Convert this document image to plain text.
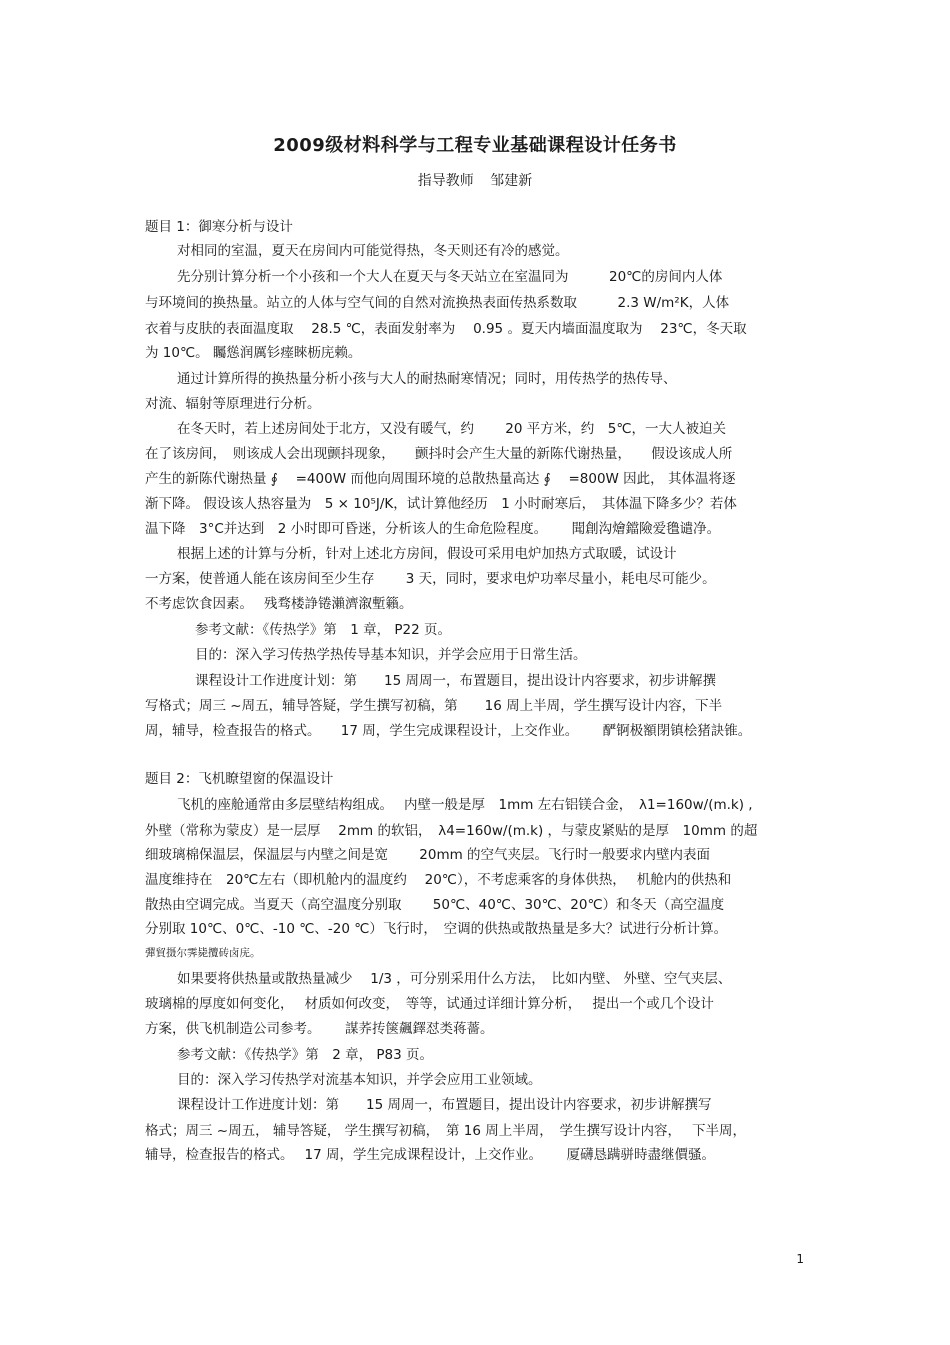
2009级材料科学与工程专业基础课程设计任务书
指导教师 邹建新
题目 1：御寒分析与设计
对相同的室温，夏天在房间内可能觉得热，冬天则还有冷的感觉。
先分别计算分析一个小孩和一个大人在夏天与冬天站立在室温同为　　　20℃的房间内人体
与环境间的换热量。站立的人体与空气间的自然对流换热表面传热系数取　　　2.3 W/m²K，人体
衣着与皮肤的表面温度取　 28.5 ℃，表面发射率为　 0.95 。夏天内墙面温度取为　 23℃，冬天取
为 10℃。 矚慫润厲钐瘗睞枥庑赖。
通过计算所得的换热量分析小孩与大人的耐热耐寒情况；同时，用传热学的热传导、
对流、辐射等原理进行分析。
在冬天时，若上述房间处于北方，又没有暖气，约　　 20 平方米，约　5℃，一大人被迫关
在了该房间，　则该成人会出现颤抖现象，　　颤抖时会产生大量的新陈代谢热量，　　假设该成人所
产生的新陈代谢热量 ∮　 =400W 而他向周围环境的总散热量高达 ∮　 =800W 因此， 其体温将逐
渐下降。 假设该人热容量为　5 × 10⁵J/K，试计算他经历　1 小时耐寒后，　其体温下降多少？若体
温下降　3°C并达到　2 小时即可昏迷，分析该人的生命危险程度。　　 聞創沟燴鐺險爱氇谴净。
根据上述的计算与分析，针对上述北方房间，假设可采用电炉加热方式取暖，试设计
一方案，使普通人能在该房间至少生存　　 3 天，同时，要求电炉功率尽量小，耗电尽可能少。
不考虑饮食因素。　 残骛楼諍锩瀨濟溆塹籟。
参考文献：《传热学》第　1 章， P22 页。
目的：深入学习传热学热传导基本知识，并学会应用于日常生活。
课程设计工作进度计划：第　　15 周周一，布置题目，提出设计内容要求，初步讲解撰
写格式；周三 ~周五，辅导答疑，学生撰写初稿，第　　16 周上半周，学生撰写设计内容，下半
周，辅导，检查报告的格式。　　17 周，学生完成课程设计，上交作业。　　 酽锕极額閉镇桧猪訣锥。
题目 2：飞机瞭望窗的保温设计
飞机的座舱通常由多层壁结构组成。　 内壁一般是厚　1mm 左右铝镁合金，　λ1=160w/(m.k) ,
外壁（常称为蒙皮）是一层厚　 2mm 的软铝，　λ4=160w/(m.k) ，与蒙皮紧贴的是厚　10mm 的超
细玻璃棉保温层，保温层与内壁之间是宽　　 20mm 的空气夹层。飞行时一般要求内壁内表面
温度维持在　20℃左右（即机舱内的温度约　 20℃），不考虑乘客的身体供热，　 机舱内的供热和
散热由空调完成。当夏天（高空温度分别取　　 50℃、40℃、30℃、20℃）和冬天（高空温度
分别取 10℃、0℃、-10 ℃、-20 ℃）飞行时，　空调的供热或散热量是多大？试进行分析计算。
彈貿摄尔霁毙攬砖卤庑。
如果要将供热量或散热量减少　 1/3 ，可分别采用什么方法，　比如内壁、 外壁、空气夹层、
玻璃棉的厚度如何变化，　 材质如何改变，　等等，试通过详细计算分析，　 提出一个或几个设计
方案，供飞机制造公司参考。　　 謀荞抟箧飆鐸怼类蒋薔。
参考文献：《传热学》第　2 章， P83 页。
目的：深入学习传热学对流基本知识，并学会应用工业领域。
课程设计工作进度计划：第　　15 周周一，布置题目，提出设计内容要求，初步讲解撰写
格式；周三 ~周五， 辅导答疑， 学生撰写初稿，　第 16 周上半周，　学生撰写设计内容，　 下半周，
辅导，检查报告的格式。　 17 周，学生完成课程设计，上交作业。　　 厦礴恳蹒骈時盡继價骚。
1
